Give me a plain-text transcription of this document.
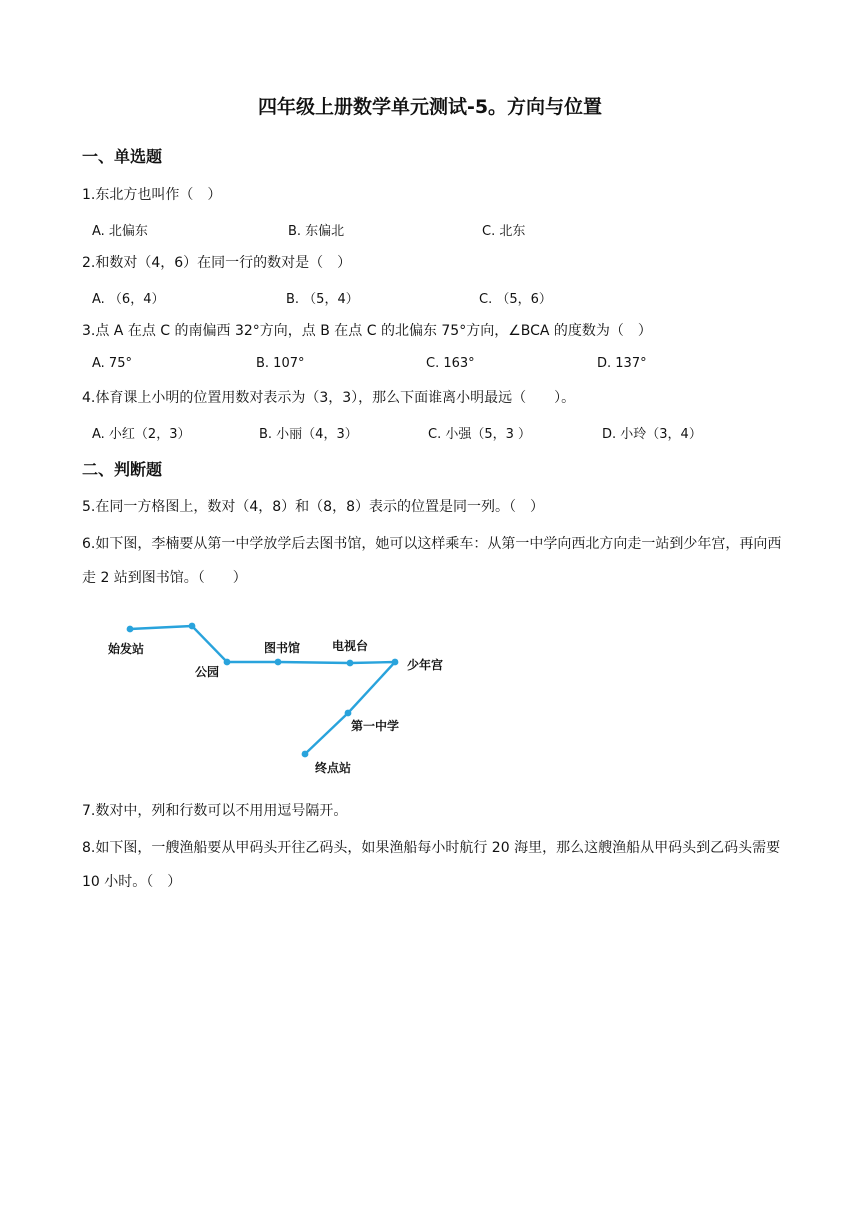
四年级上册数学单元测试-5。方向与位置
一、单选题
1.东北方也叫作（　）
A. 北偏东	B. 东偏北	C. 北东
2.和数对（4，6）在同一行的数对是（　）
A. （6，4）	B. （5，4）	C. （5，6）
3.点 A 在点 C 的南偏西 32°方向，点 B 在点 C 的北偏东 75°方向，∠BCA 的度数为（　）
A. 75°	B. 107°	C. 163°	D. 137°
4.体育课上小明的位置用数对表示为（3，3），那么下面谁离小明最远（　　）。
A. 小红（2，3）	B. 小丽（4，3）	C. 小强（5，3 ）	D. 小玲（3，4）
二、判断题
5.在同一方格图上，数对（4，8）和（8，8）表示的位置是同一列。（　）
6.如下图，李楠要从第一中学放学后去图书馆，她可以这样乘车：从第一中学向西北方向走一站到少年宫，再向西走 2 站到图书馆。（　　）
始发站
公园
图书馆	电视台
少年宫
第一中学
终点站
7.数对中，列和行数可以不用用逗号隔开。
8.如下图，一艘渔船要从甲码头开往乙码头，如果渔船每小时航行 20 海里，那么这艘渔船从甲码头到乙码头需要 10 小时。（　）
